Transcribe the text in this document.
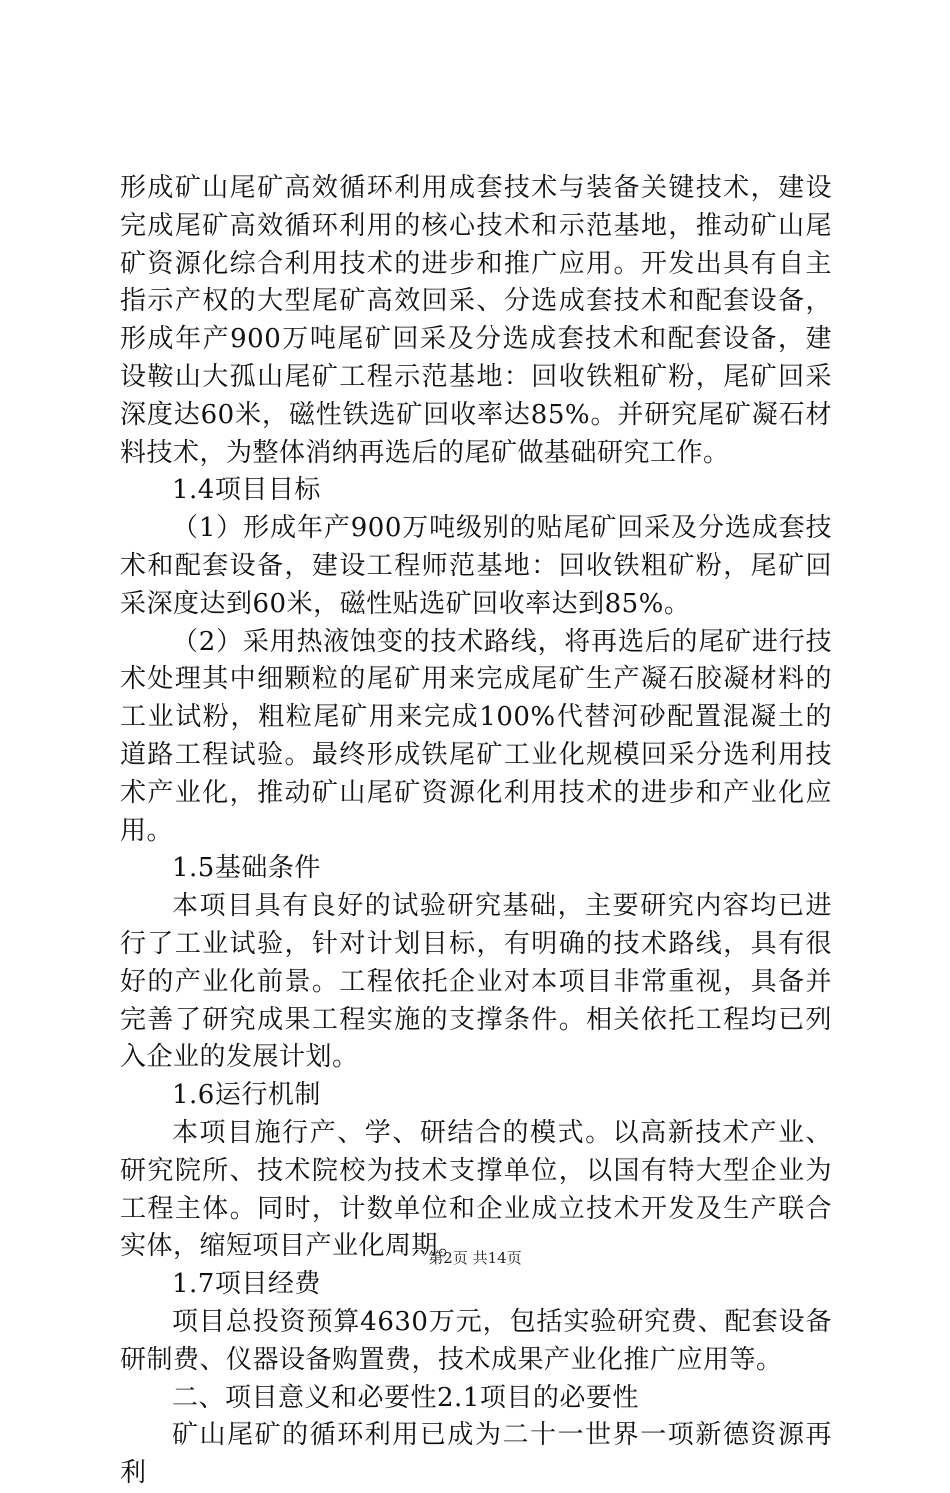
形成矿山尾矿高效循环利用成套技术与装备关键技术，建设完成尾矿高效循环利用的核心技术和示范基地，推动矿山尾矿资源化综合利用技术的进步和推广应用。开发出具有自主指示产权的大型尾矿高效回采、分选成套技术和配套设备，形成年产900万吨尾矿回采及分选成套技术和配套设备，建设鞍山大孤山尾矿工程示范基地：回收铁粗矿粉，尾矿回采深度达60米，磁性铁选矿回收率达85%。并研究尾矿凝石材料技术，为整体消纳再选后的尾矿做基础研究工作。

1.4项目目标

（1）形成年产900万吨级别的贴尾矿回采及分选成套技术和配套设备，建设工程师范基地：回收铁粗矿粉，尾矿回采深度达到60米，磁性贴选矿回收率达到85%。

（2）采用热液蚀变的技术路线，将再选后的尾矿进行技术处理其中细颗粒的尾矿用来完成尾矿生产凝石胶凝材料的工业试粉，粗粒尾矿用来完成100%代替河砂配置混凝土的道路工程试验。最终形成铁尾矿工业化规模回采分选利用技术产业化，推动矿山尾矿资源化利用技术的进步和产业化应用。

1.5基础条件

本项目具有良好的试验研究基础，主要研究内容均已进行了工业试验，针对计划目标，有明确的技术路线，具有很好的产业化前景。工程依托企业对本项目非常重视，具备并完善了研究成果工程实施的支撑条件。相关依托工程均已列入企业的发展计划。

1.6运行机制

本项目施行产、学、研结合的模式。以高新技术产业、研究院所、技术院校为技术支撑单位，以国有特大型企业为工程主体。同时，计数单位和企业成立技术开发及生产联合实体，缩短项目产业化周期。

1.7项目经费

项目总投资预算4630万元，包括实验研究费、配套设备研制费、仪器设备购置费，技术成果产业化推广应用等。

二、项目意义和必要性2.1项目的必要性

矿山尾矿的循环利用已成为二十一世界一项新德资源再利

第2页 共14页
